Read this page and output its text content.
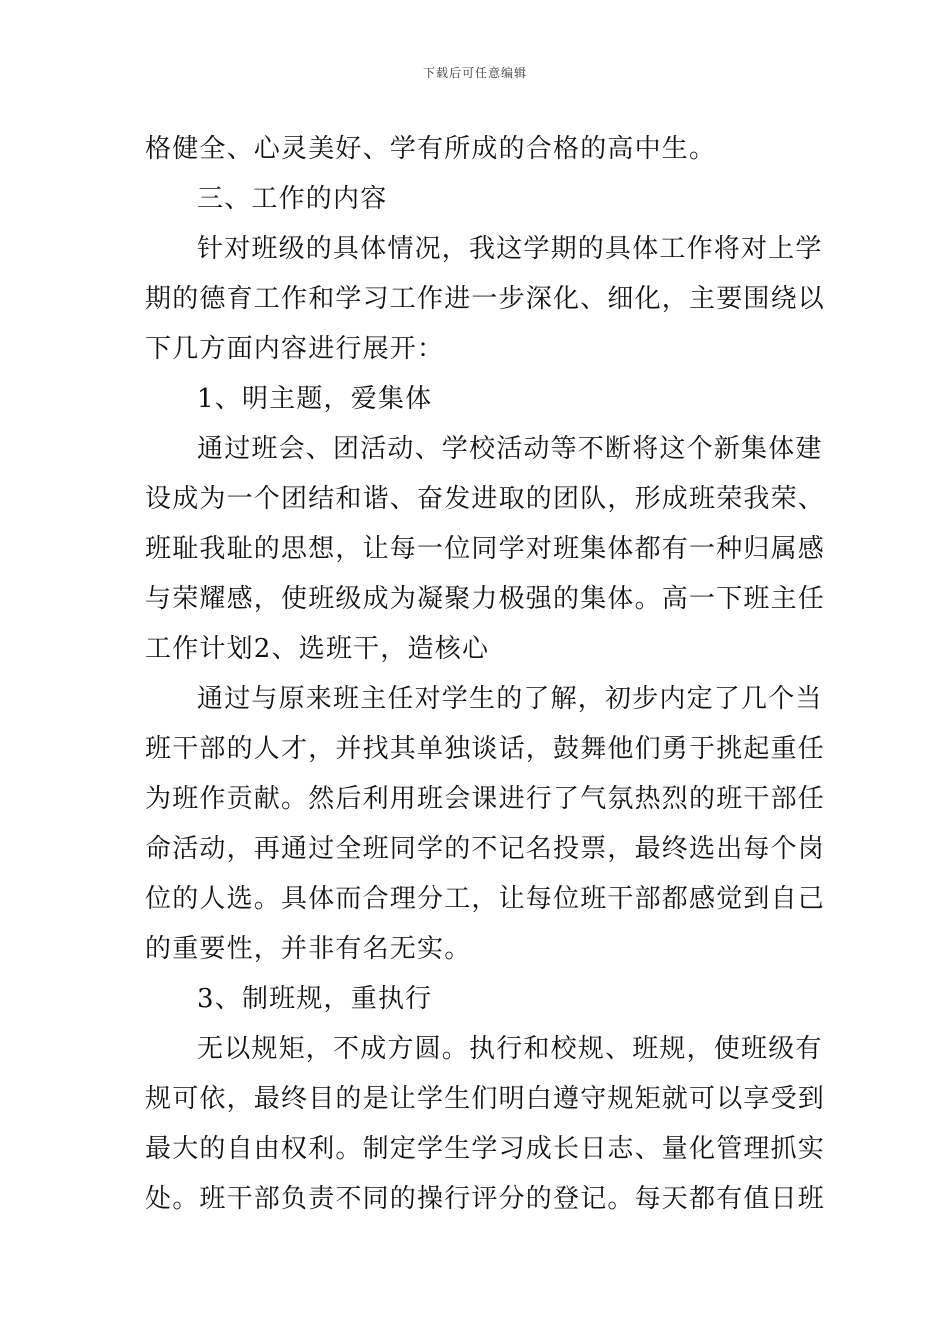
下载后可任意编辑
格健全、心灵美好、学有所成的合格的高中生。
三、工作的内容
针对班级的具体情况，我这学期的具体工作将对上学
期的德育工作和学习工作进一步深化、细化，主要围绕以
下几方面内容进行展开：
1、明主题，爱集体
通过班会、团活动、学校活动等不断将这个新集体建
设成为一个团结和谐、奋发进取的团队，形成班荣我荣、
班耻我耻的思想，让每一位同学对班集体都有一种归属感
与荣耀感，使班级成为凝聚力极强的集体。高一下班主任
工作计划2、选班干，造核心
通过与原来班主任对学生的了解，初步内定了几个当
班干部的人才，并找其单独谈话，鼓舞他们勇于挑起重任
为班作贡献。然后利用班会课进行了气氛热烈的班干部任
命活动，再通过全班同学的不记名投票，最终选出每个岗
位的人选。具体而合理分工，让每位班干部都感觉到自己
的重要性，并非有名无实。
3、制班规，重执行
无以规矩，不成方圆。执行和校规、班规，使班级有
规可依，最终目的是让学生们明白遵守规矩就可以享受到
最大的自由权利。制定学生学习成长日志、量化管理抓实
处。班干部负责不同的操行评分的登记。每天都有值日班
